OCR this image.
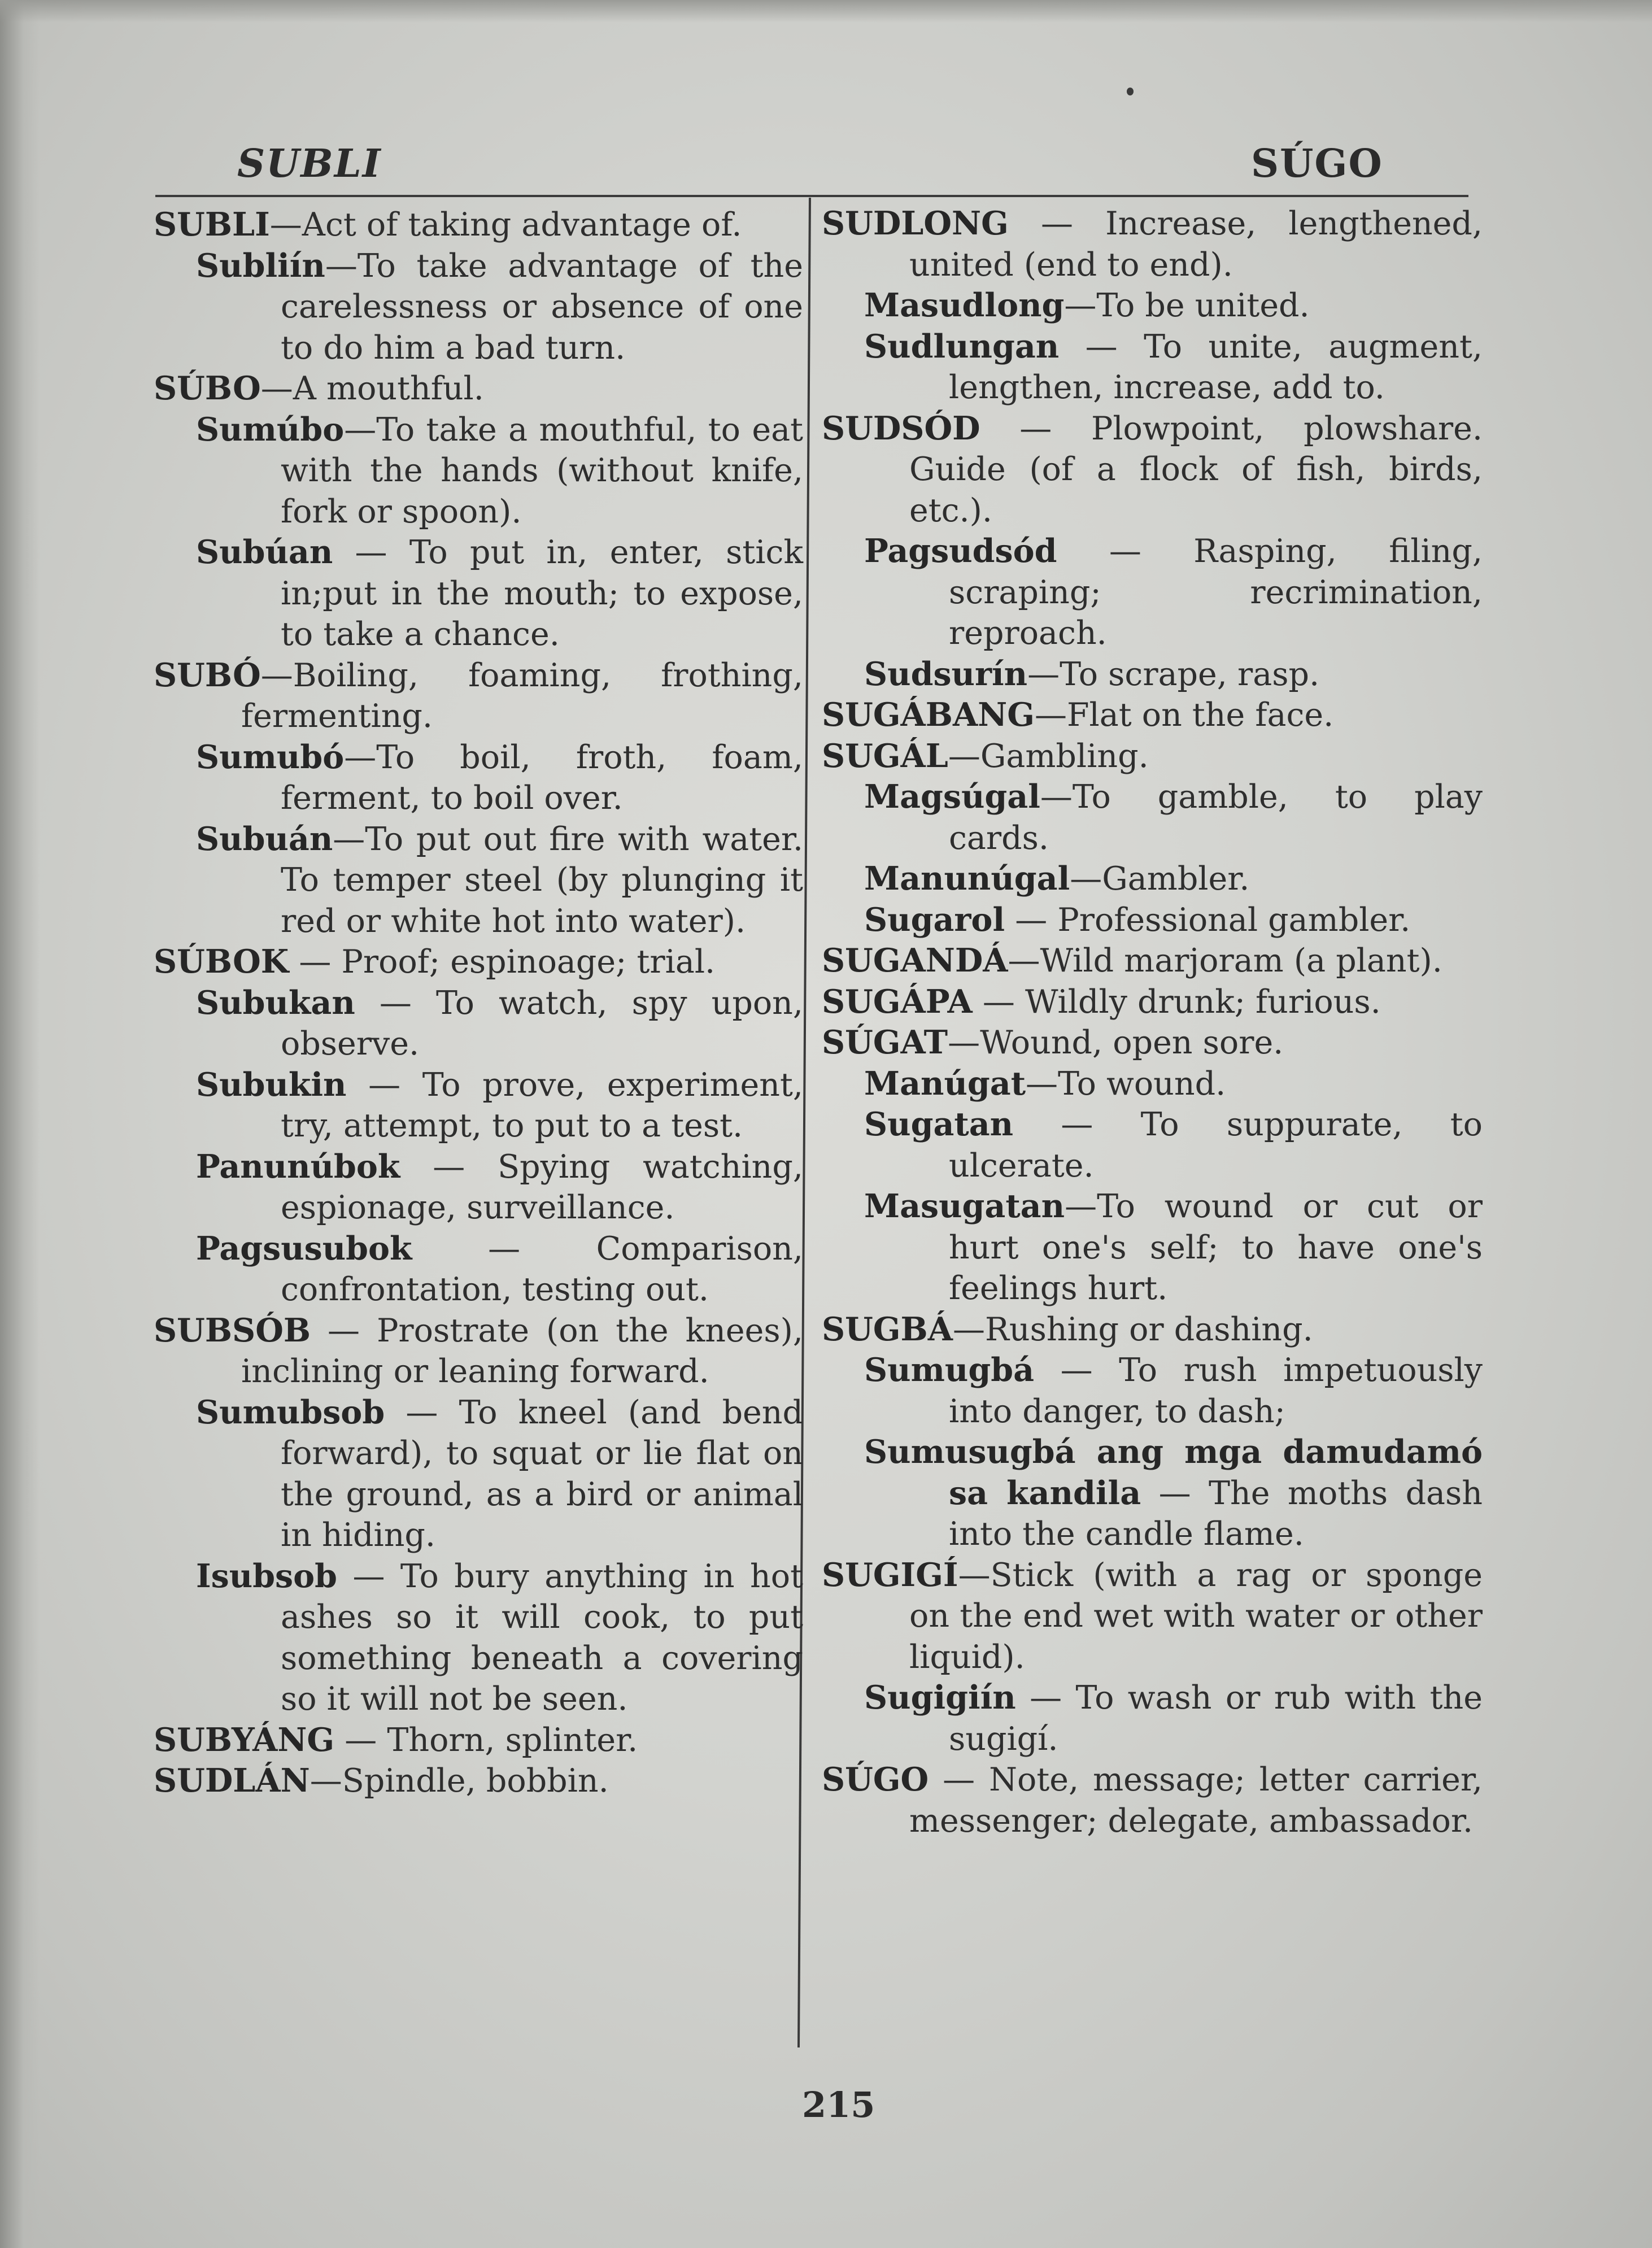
SUBLI	SÚGO

SUBLI—Act of taking advantage of.

Subliín—To take advantage of the carelessness or absence of one to do him a bad turn.

SÚBO—A mouthful.

Sumúbo—To take a mouthful, to eat with the hands (without knife, fork or spoon).

Subúan — To put in, enter, stick in;put in the mouth; to expose, to take a chance.

SUBÓ—Boiling, foaming, frothing, fermenting.

Sumubó—To boil, froth, foam, ferment, to boil over.

Subuán—To put out fire with water. To temper steel (by plunging it red or white hot into water).

SÚBOK — Proof; espinoage; trial.

Subukan — To watch, spy upon, observe.

Subukin — To prove, experiment, try, attempt, to put to a test.

Panunúbok — Spying watching, espionage, surveillance.

Pagsusubok — Comparison, confrontation, testing out.

SUBSÓB — Prostrate (on the knees), inclining or leaning forward.

Sumubsob — To kneel (and bend forward), to squat or lie flat on the ground, as a bird or animal in hiding.

Isubsob — To bury anything in hot ashes so it will cook, to put something beneath a covering so it will not be seen.

SUBYÁNG — Thorn, splinter.

SUDLÁN—Spindle, bobbin.

SUDLONG — Increase, lengthened, united (end to end).

Masudlong—To be united.

Sudlungan — To unite, augment, lengthen, increase, add to.

SUDSÓD — Plowpoint, plowshare. Guide (of a flock of fish, birds, etc.).

Pagsudsód — Rasping, filing, scraping; recrimination, reproach.

Sudsurín—To scrape, rasp.

SUGÁBANG—Flat on the face.

SUGÁL—Gambling.

Magsúgal—To gamble, to play cards.

Manunúgal—Gambler.

Sugarol — Professional gambler.

SUGANDÁ—Wild marjoram (a plant).

SUGÁPA — Wildly drunk; furious.

SÚGAT—Wound, open sore.

Manúgat—To wound.

Sugatan — To suppurate, to ulcerate.

Masugatan—To wound or cut or hurt one's self; to have one's feelings hurt.

SUGBÁ—Rushing or dashing.

Sumugbá — To rush impetuously into danger, to dash;

Sumusugbá ang mga damudamó sa kandila — The moths dash into the candle flame.

SUGIGÍ—Stick (with a rag or sponge on the end wet with water or other liquid).

Sugigiín — To wash or rub with the sugigí.

SÚGO — Note, message; letter carrier, messenger; delegate, ambassador.

215
